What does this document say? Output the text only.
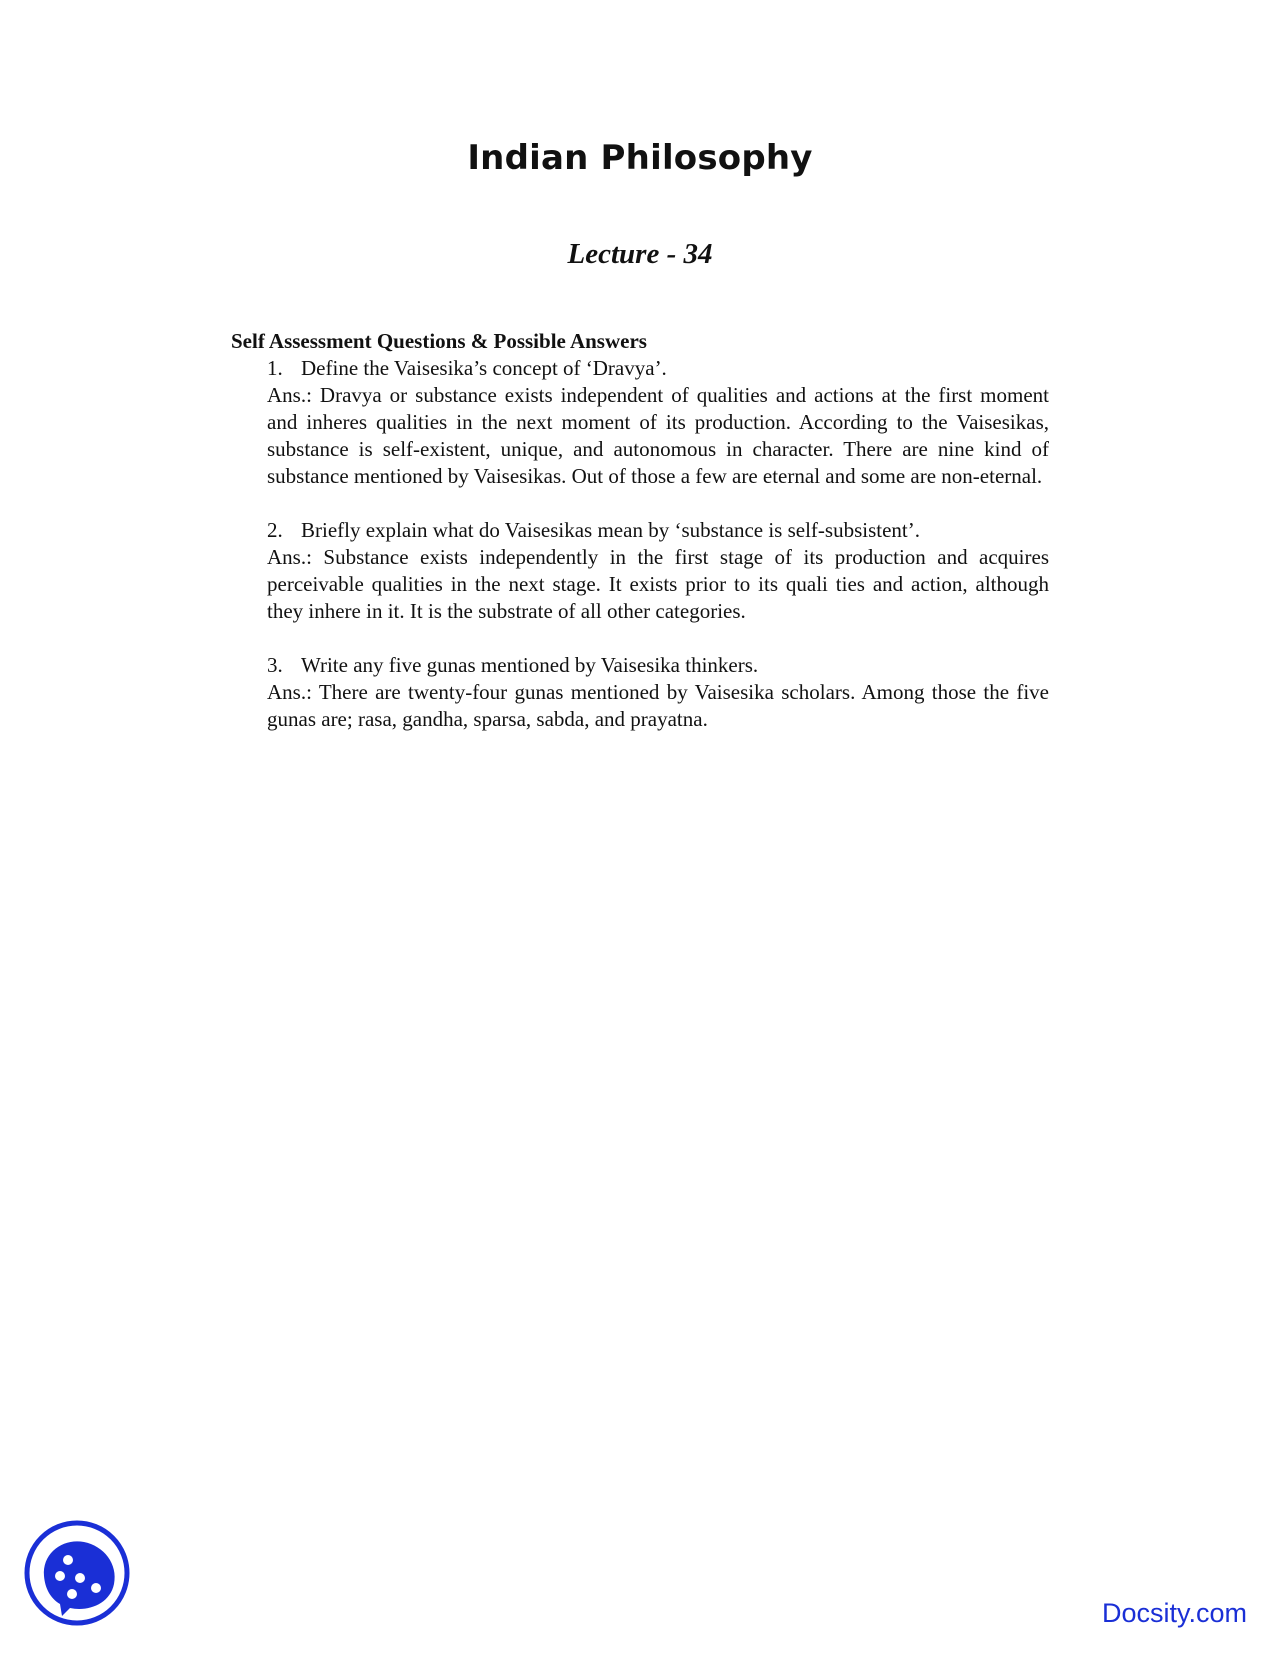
Indian Philosophy
Lecture - 34

Self Assessment Questions & Possible Answers

1. Define the Vaisesika’s concept of ‘Dravya’.

Ans.: Dravya or substance exists independent of qualities and actions at the first moment and inheres qualities in the next moment of its production. According to the Vaisesikas, substance is self-existent, unique, and autonomous in character. There are nine kind of substance mentioned by Vaisesikas. Out of those a few are eternal and some are non-eternal.

2. Briefly explain what do Vaisesikas mean by ‘substance is self-subsistent’.

Ans.: Substance exists independently in the first stage of its production and acquires perceivable qualities in the next stage. It exists prior to its quali ties and action, although they inhere in it. It is the substrate of all other categories.

3. Write any five gunas mentioned by Vaisesika thinkers.

Ans.: There are twenty-four gunas mentioned by Vaisesika scholars. Among those the five gunas are; rasa, gandha, sparsa, sabda, and prayatna.

Docsity.com
